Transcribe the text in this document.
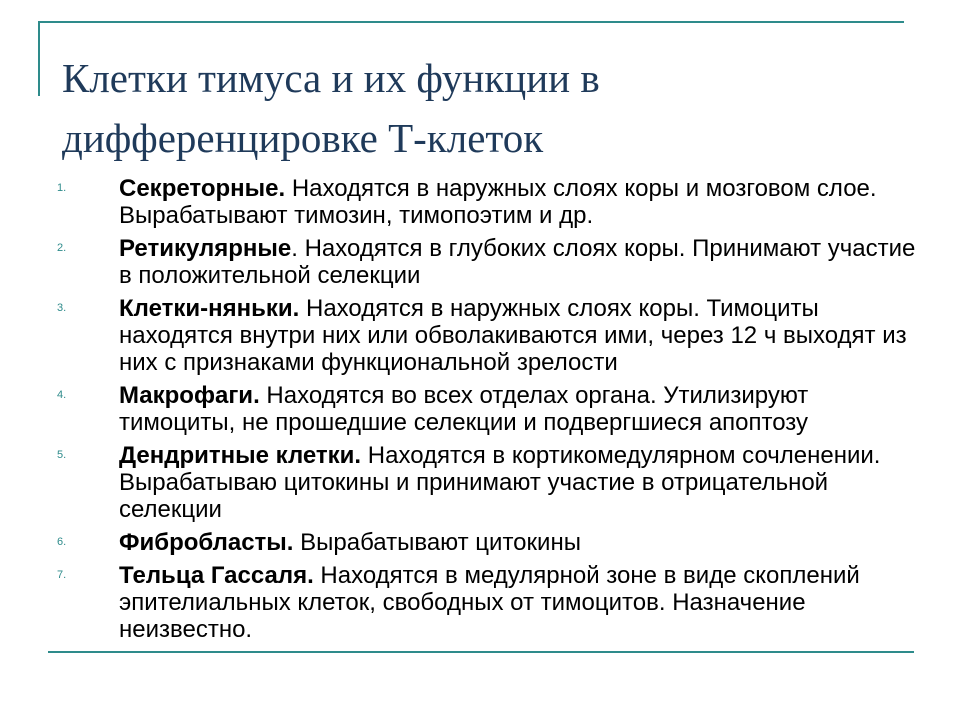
Клетки тимуса и их функции в дифференцировке Т-клеток
1.	Секреторные. Находятся в наружных слоях коры и мозговом слое. Вырабатывают тимозин, тимопоэтим и др.
2.	Ретикулярные. Находятся в глубоких слоях коры. Принимают участие в положительной селекции
3.	Клетки-няньки. Находятся в наружных слоях коры. Тимоциты находятся внутри них или обволакиваются ими, через 12 ч выходят из них с признаками функциональной зрелости
4.	Макрофаги. Находятся во всех отделах органа. Утилизируют тимоциты, не прошедшие селекции и подвергшиеся апоптозу
5.	Дендритные клетки. Находятся в кортикомедулярном сочленении. Вырабатываю цитокины и принимают участие в отрицательной селекции
6.	Фибробласты. Вырабатывают цитокины
7.	Тельца Гассаля. Находятся в медулярной зоне в виде скоплений эпителиальных клеток, свободных от тимоцитов. Назначение неизвестно.
